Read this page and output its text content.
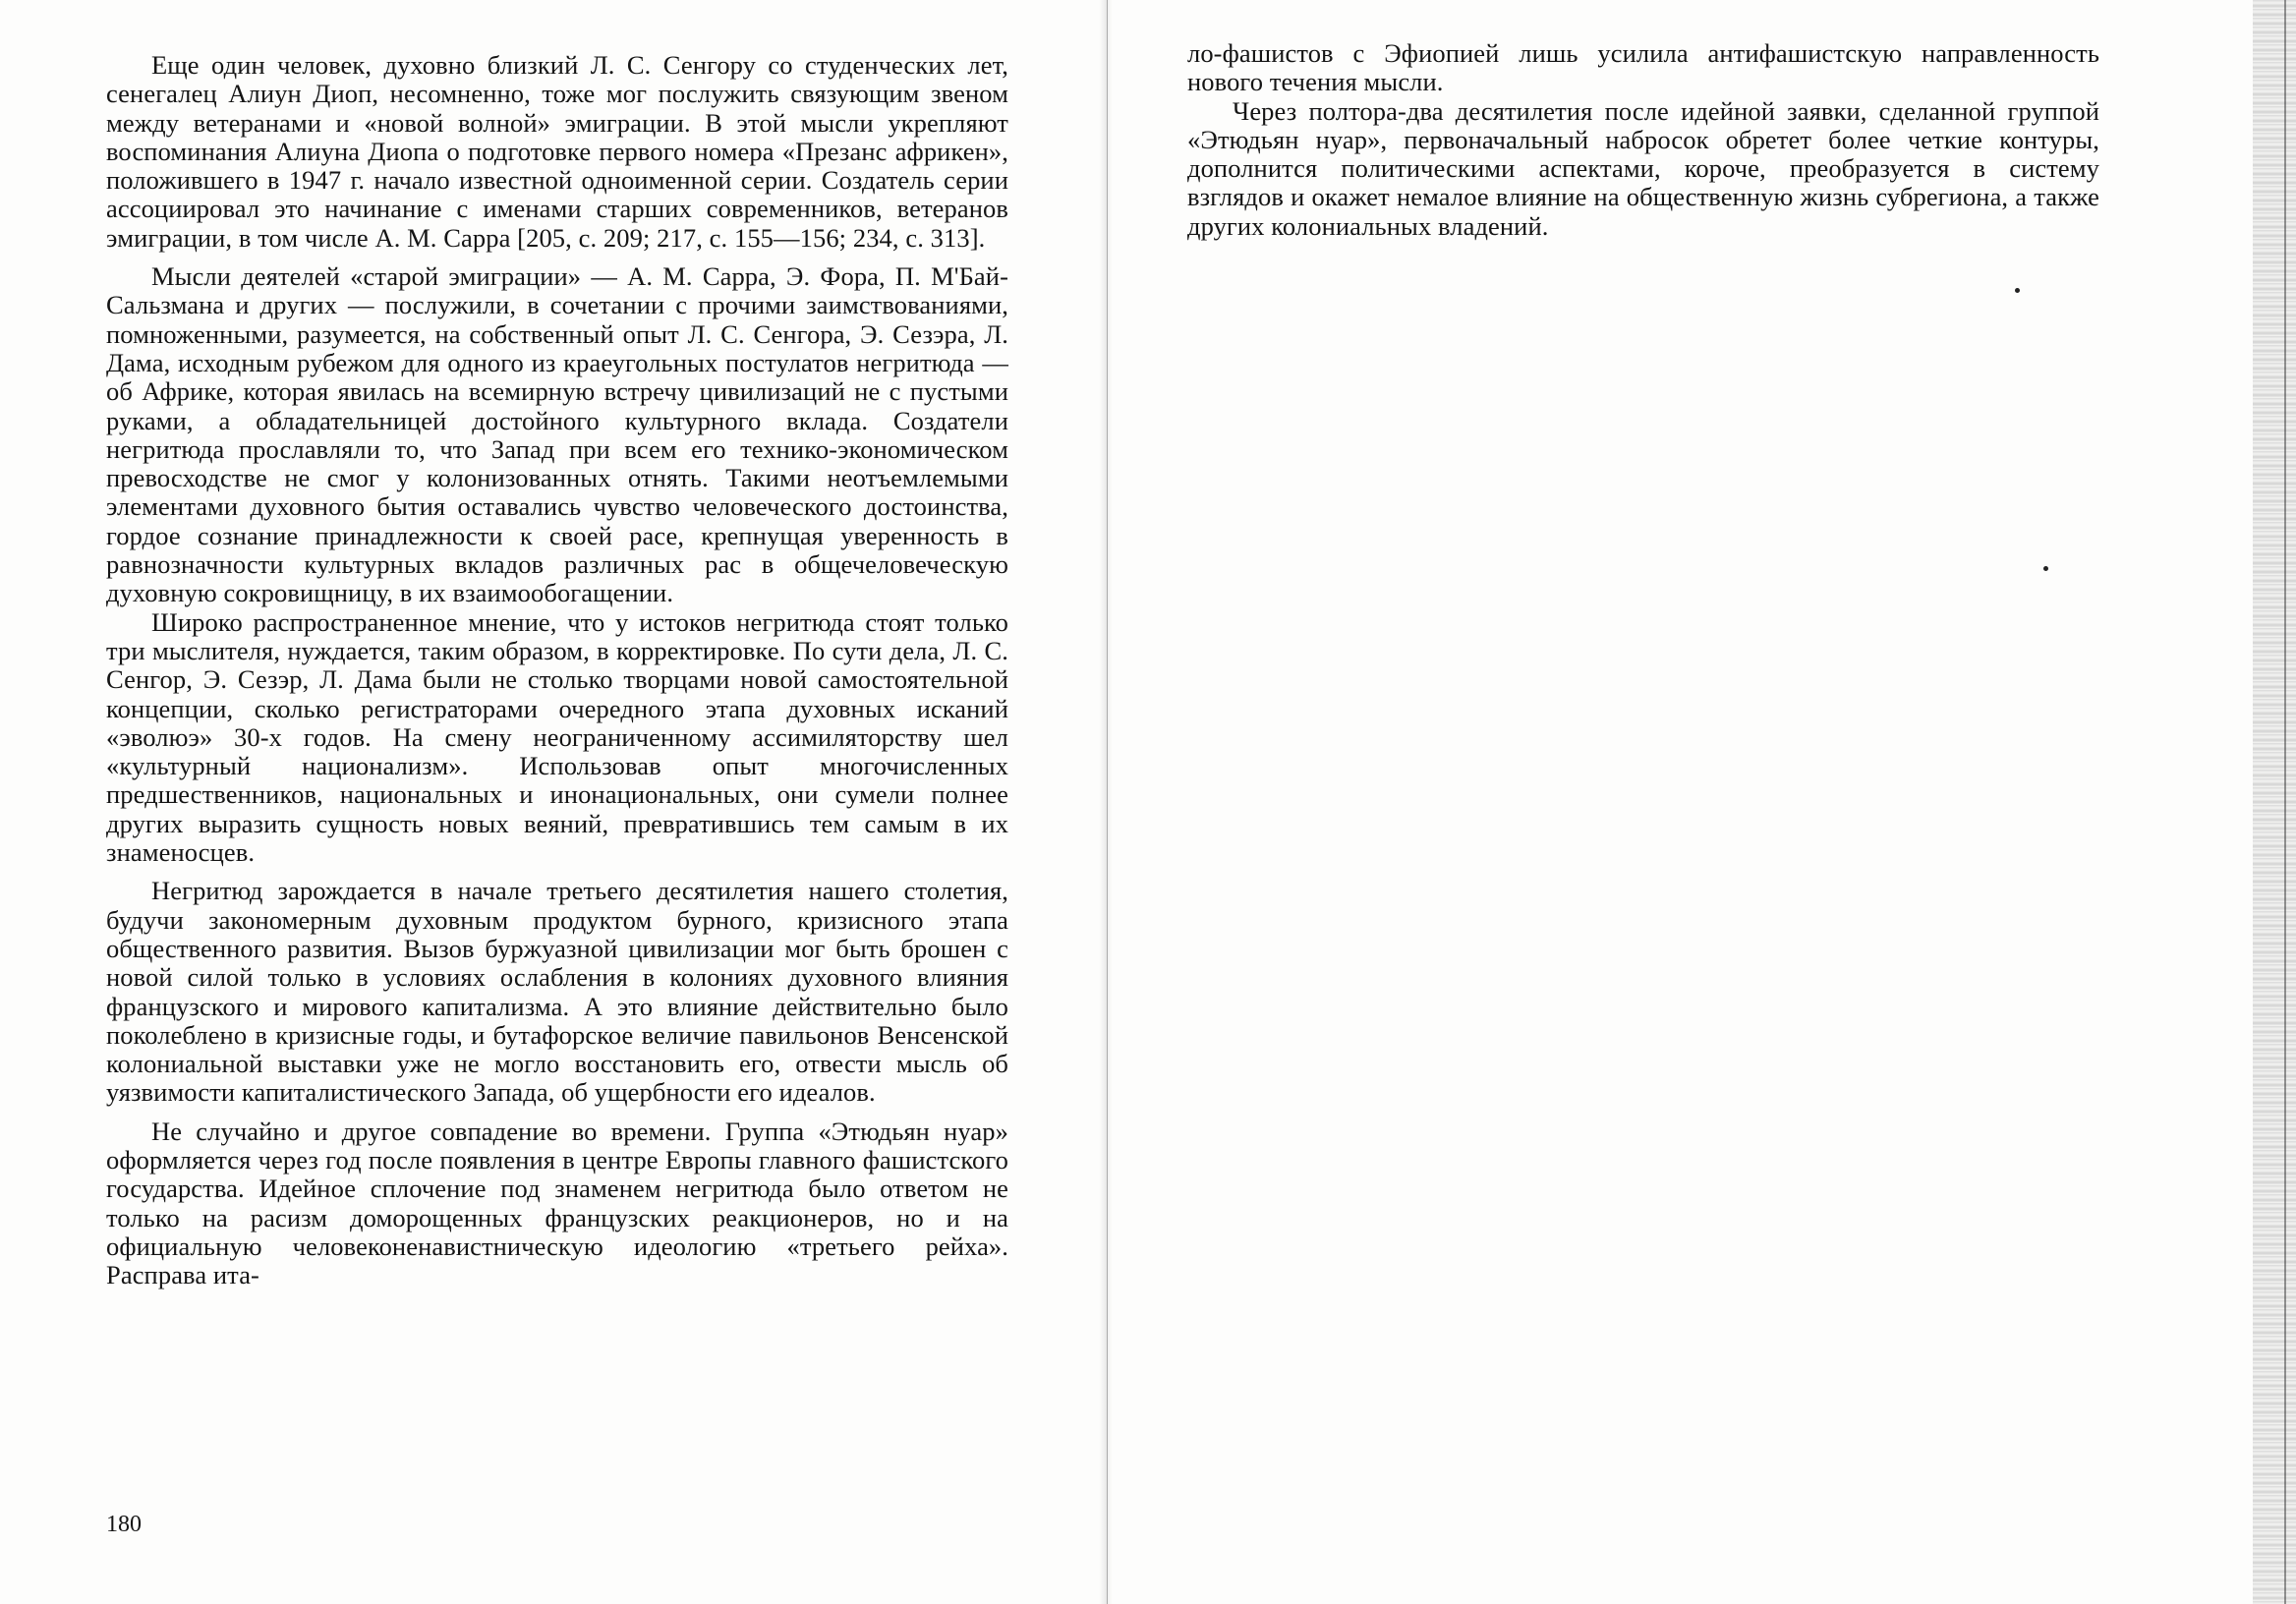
Еще один человек, духовно близкий Л. С. Сенгору со студенческих лет, сенегалец Алиун Диоп, несомненно, тоже мог послужить связующим звеном между ветеранами и «новой волной» эмиграции. В этой мысли укрепляют воспоминания Алиуна Диопа о подготовке первого номера «Презанс африкен», положившего в 1947 г. начало известной одноименной серии. Создатель серии ассоциировал это начинание с именами старших современников, ветеранов эмиграции, в том числе А. М. Сарра [205, с. 209; 217, с. 155—156; 234, с. 313].

Мысли деятелей «старой эмиграции» — А. М. Сарра, Э. Фора, П. М'Бай-Сальзмана и других — послужили, в сочетании с прочими заимствованиями, помноженными, разумеется, на собственный опыт Л. С. Сенгора, Э. Сезэра, Л. Дама, исходным рубежом для одного из краеугольных постулатов негритюда — об Африке, которая явилась на всемирную встречу цивилизаций не с пустыми руками, а обладательницей достойного культурного вклада. Создатели негритюда прославляли то, что Запад при всем его технико-экономическом превосходстве не смог у колонизованных отнять. Такими неотъемлемыми элементами духовного бытия оставались чувство человеческого достоинства, гордое сознание принадлежности к своей расе, крепнущая уверенность в равнозначности культурных вкладов различных рас в общечеловеческую духовную сокровищницу, в их взаимообогащении.

Широко распространенное мнение, что у истоков негритюда стоят только три мыслителя, нуждается, таким образом, в корректировке. По сути дела, Л. С. Сенгор, Э. Сезэр, Л. Дама были не столько творцами новой самостоятельной концепции, сколько регистраторами очередного этапа духовных исканий «эволюэ» 30-х годов. На смену неограниченному ассимиляторству шел «культурный национализм». Использовав опыт многочисленных предшественников, национальных и инонациональных, они сумели полнее других выразить сущность новых веяний, превратившись тем самым в их знаменосцев.

Негритюд зарождается в начале третьего десятилетия нашего столетия, будучи закономерным духовным продуктом бурного, кризисного этапа общественного развития. Вызов буржуазной цивилизации мог быть брошен с новой силой только в условиях ослабления в колониях духовного влияния французского и мирового капитализма. А это влияние действительно было поколеблено в кризисные годы, и бутафорское величие павильонов Венсенской колониальной выставки уже не могло восстановить его, отвести мысль об уязвимости капиталистического Запада, об ущербности его идеалов.

Не случайно и другое совпадение во времени. Группа «Этюдьян нуар» оформляется через год после появления в центре Европы главного фашистского государства. Идейное сплочение под знаменем негритюда было ответом не только на расизм доморощенных французских реакционеров, но и на официальную человеконенавистническую идеологию «третьего рейха». Расправа ита-

180

ло-фашистов с Эфиопией лишь усилила антифашистскую направленность нового течения мысли.

Через полтора-два десятилетия после идейной заявки, сделанной группой «Этюдьян нуар», первоначальный набросок обретет более четкие контуры, дополнится политическими аспектами, короче, преобразуется в систему взглядов и окажет немалое влияние на общественную жизнь субрегиона, а также других колониальных владений.
